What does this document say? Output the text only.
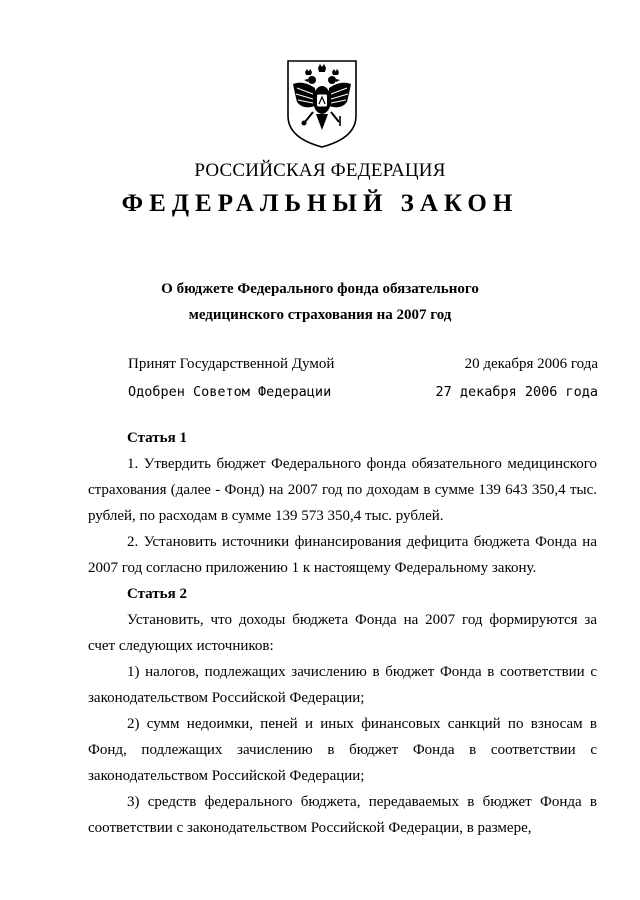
РОССИЙСКАЯ ФЕДЕРАЦИЯ
ФЕДЕРАЛЬНЫЙ ЗАКОН
О бюджете Федерального фонда обязательного
медицинского страхования на 2007 год
Принят Государственной Думой	20 декабря 2006 года
Одобрен Советом Федерации	27 декабря 2006 года

Статья 1

1. Утвердить бюджет Федерального фонда обязательного медицинского страхования (далее - Фонд) на 2007 год по доходам в сумме 139 643 350,4 тыс. рублей, по расходам в сумме 139 573 350,4 тыс. рублей.

2. Установить источники финансирования дефицита бюджета Фонда на 2007 год согласно приложению 1 к настоящему Федеральному закону.

Статья 2

Установить, что доходы бюджета Фонда на 2007 год формируются за счет следующих источников:

1) налогов, подлежащих зачислению в бюджет Фонда в соответствии с законодательством Российской Федерации;

2) сумм недоимки, пеней и иных финансовых санкций по взносам в Фонд, подлежащих зачислению в бюджет Фонда в соответствии с законодательством Российской Федерации;

3) средств федерального бюджета, передаваемых в бюджет Фонда в соответствии с законодательством Российской Федерации, в размере,
